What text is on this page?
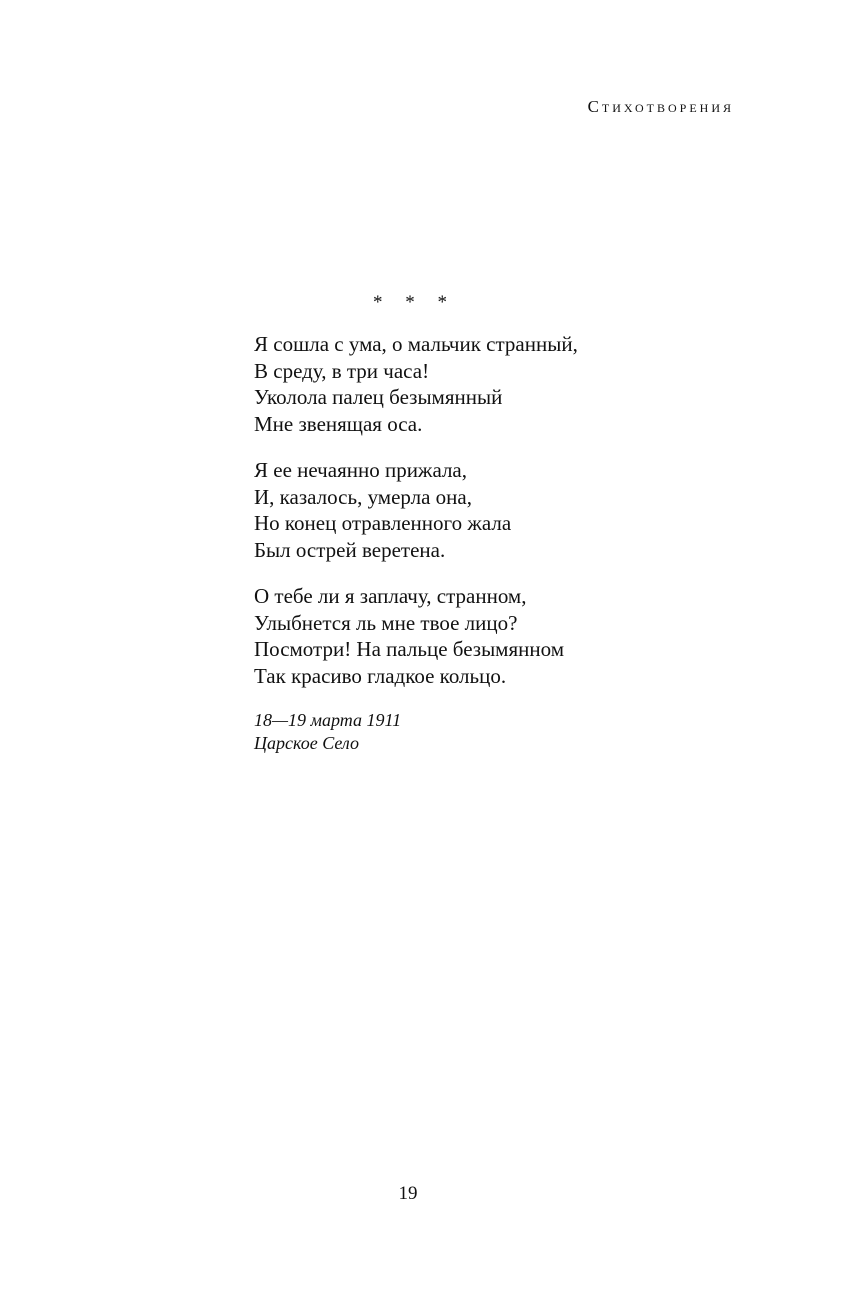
Стихотворения
* * *
Я сошла с ума, о мальчик странный,
В среду, в три часа!
Уколола палец безымянный
Мне звенящая оса.
Я ее нечаянно прижала,
И, казалось, умерла она,
Но конец отравленного жала
Был острей веретена.
О тебе ли я заплачу, странном,
Улыбнется ль мне твое лицо?
Посмотри! На пальце безымянном
Так красиво гладкое кольцо.
18—19 марта 1911
Царское Село
19
